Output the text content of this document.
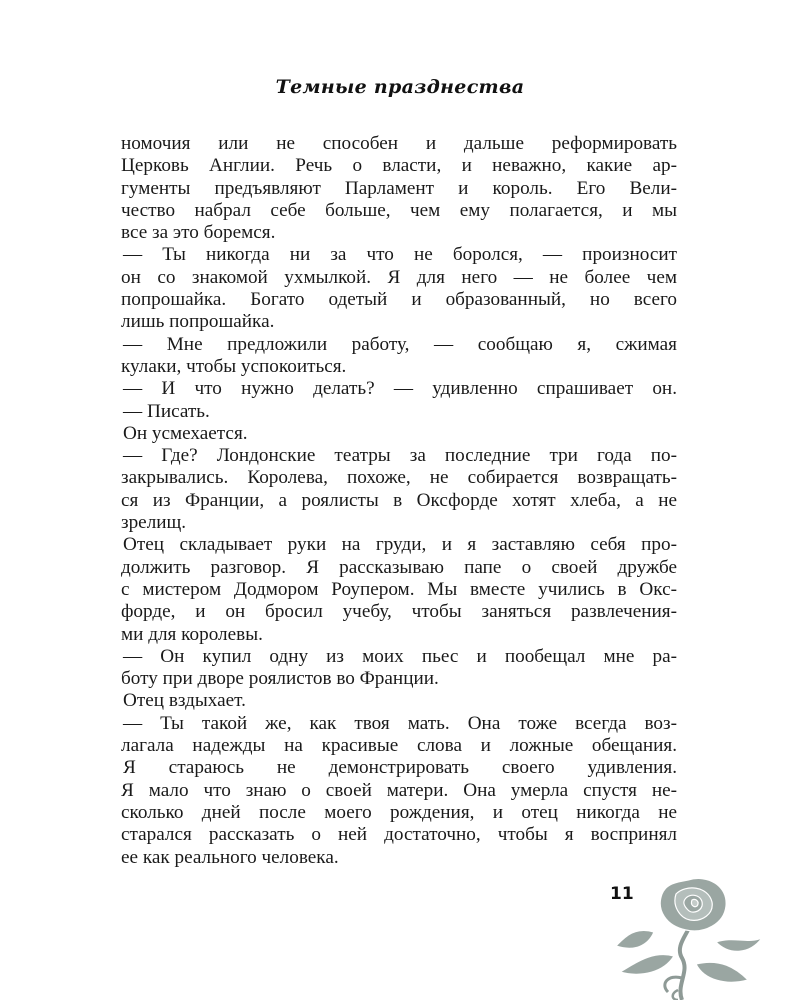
Темные празднества
номочия или не способен и дальше реформировать
Церковь Англии. Речь о власти, и неважно, какие ар-
гументы предъявляют Парламент и король. Его Вели-
чество набрал себе больше, чем ему полагается, и мы
все за это боремся.
— Ты никогда ни за что не боролся, — произносит
он со знакомой ухмылкой. Я для него — не более чем
попрошайка. Богато одетый и образованный, но всего
лишь попрошайка.
— Мне предложили работу, — сообщаю я, сжимая
кулаки, чтобы успокоиться.
— И что нужно делать? — удивленно спрашивает он.
— Писать.
Он усмехается.
— Где? Лондонские театры за последние три года по-
закрывались. Королева, похоже, не собирается возвращать-
ся из Франции, а роялисты в Оксфорде хотят хлеба, а не
зрелищ.
Отец складывает руки на груди, и я заставляю себя про-
должить разговор. Я рассказываю папе о своей дружбе
с мистером Додмором Роупером. Мы вместе учились в Окс-
форде, и он бросил учебу, чтобы заняться развлечения-
ми для королевы.
— Он купил одну из моих пьес и пообещал мне ра-
боту при дворе роялистов во Франции.
Отец вздыхает.
— Ты такой же, как твоя мать. Она тоже всегда воз-
лагала надежды на красивые слова и ложные обещания.
Я стараюсь не демонстрировать своего удивления.
Я мало что знаю о своей матери. Она умерла спустя не-
сколько дней после моего рождения, и отец никогда не
старался рассказать о ней достаточно, чтобы я воспринял
ее как реального человека.
11
